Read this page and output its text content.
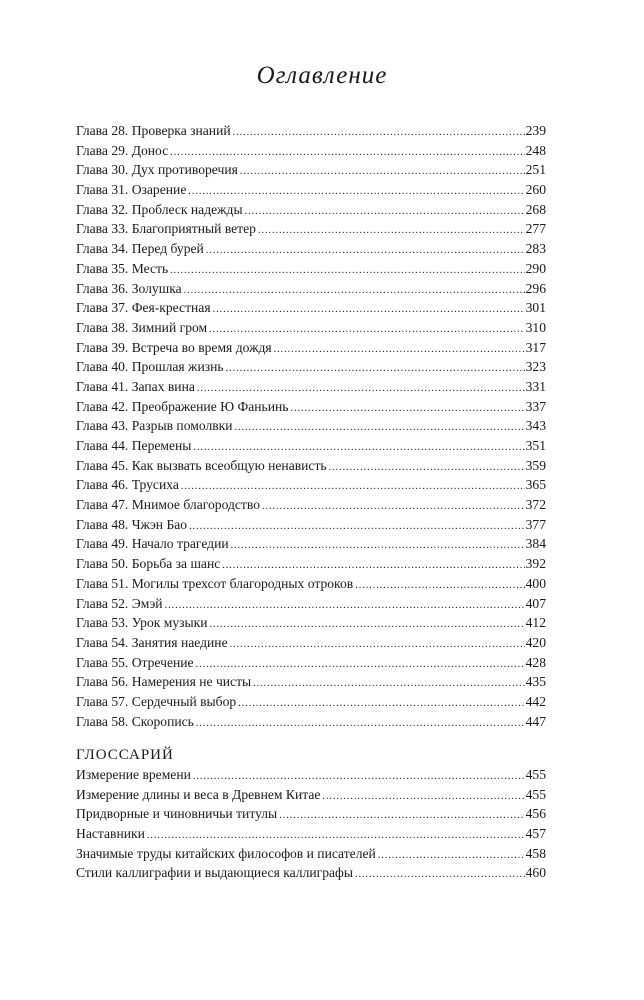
Оглавление
Глава 28. Проверка знаний .....	239
Глава 29. Донос .....	248
Глава 30. Дух противоречия .....	251
Глава 31. Озарение .....	260
Глава 32. Проблеск надежды .....	268
Глава 33. Благоприятный ветер .....	277
Глава 34. Перед бурей .....	283
Глава 35. Месть .....	290
Глава 36. Золушка .....	296
Глава 37. Фея-крестная .....	301
Глава 38. Зимний гром .....	310
Глава 39. Встреча во время дождя .....	317
Глава 40. Прошлая жизнь .....	323
Глава 41. Запах вина .....	331
Глава 42. Преображение Ю Фаньинь .....	337
Глава 43. Разрыв помолвки .....	343
Глава 44. Перемены .....	351
Глава 45. Как вызвать всеобщую ненависть .....	359
Глава 46. Трусиха .....	365
Глава 47. Мнимое благородство .....	372
Глава 48. Чжэн Бао .....	377
Глава 49. Начало трагедии .....	384
Глава 50. Борьба за шанс .....	392
Глава 51. Могилы трехсот благородных отроков .....	400
Глава 52. Эмэй .....	407
Глава 53. Урок музыки .....	412
Глава 54. Занятия наедине .....	420
Глава 55. Отречение .....	428
Глава 56. Намерения не чисты .....	435
Глава 57. Сердечный выбор .....	442
Глава 58. Скоропись .....	447
ГЛОССАРИЙ
Измерение времени .....	455
Измерение длины и веса в Древнем Китае .....	455
Придворные и чиновничьи титулы .....	456
Наставники .....	457
Значимые труды китайских философов и писателей .....	458
Стили каллиграфии и выдающиеся каллиграфы .....	460
